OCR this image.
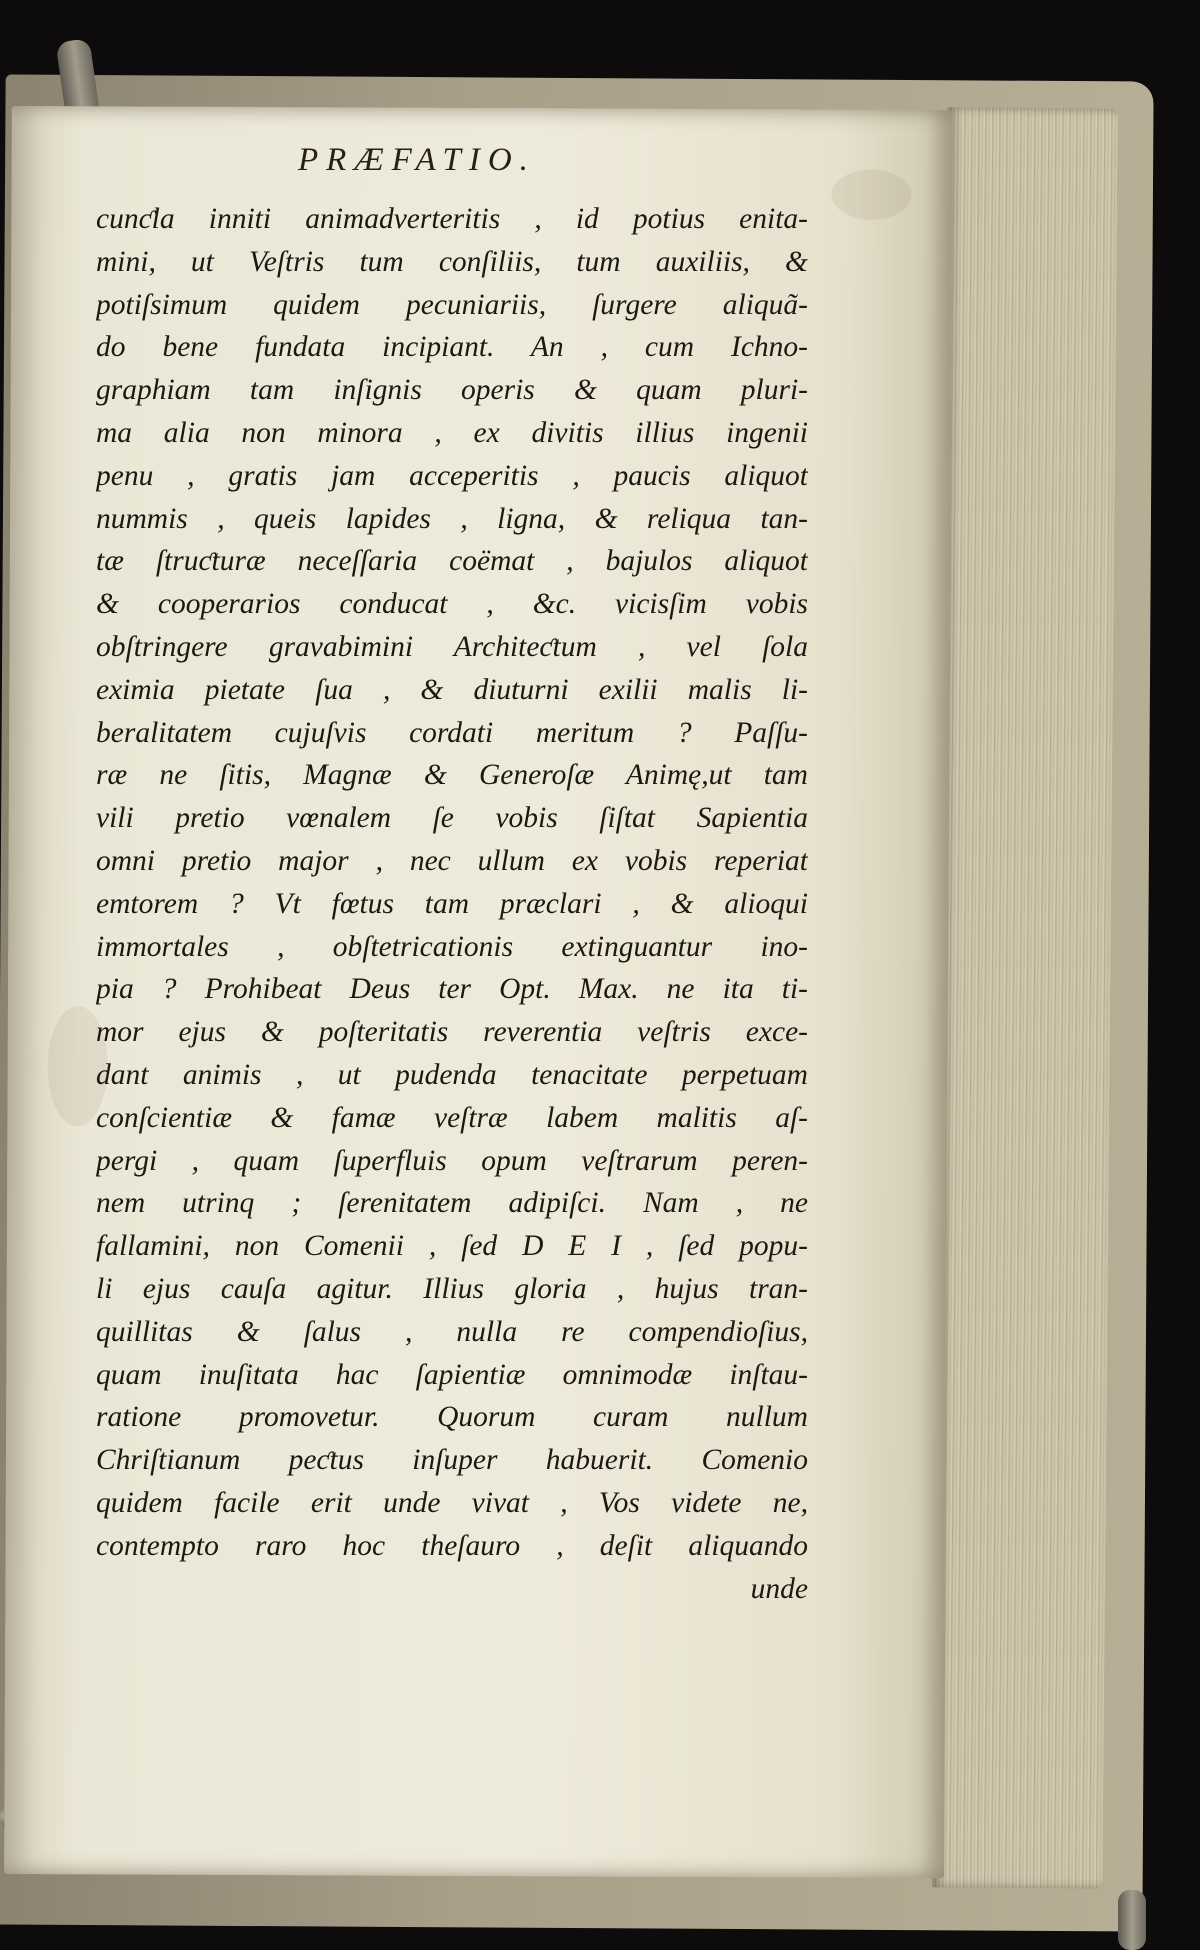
PRÆFATIO.
cunƈla inniti animadverteritis , id potius enita-
mini, ut Veſtris tum conſiliis, tum auxiliis, &
potiſsimum quidem pecuniariis, ſurgere aliquã-
do bene fundata incipiant. An , cum Ichno-
graphiam tam inſignis operis & quam pluri-
ma alia non minora , ex divitis illius ingenii
penu , gratis jam acceperitis , paucis aliquot
nummis , queis lapides , ligna, & reliqua tan-
tæ ſtruƈturæ neceſſaria coëmat , bajulos aliquot
& cooperarios conducat , &c. vicisſim vobis
obſtringere gravabimini Architeƈtum , vel ſola
eximia pietate ſua , & diuturni exilii malis li-
beralitatem cujuſvis cordati meritum ? Paſſu-
ræ ne ſitis, Magnæ & Generoſæ Animę,ut tam
vili pretio vœnalem ſe vobis ſiſtat Sapientia
omni pretio major , nec ullum ex vobis reperiat
emtorem ? Vt fœtus tam præclari , & alioqui
immortales , obſtetricationis extinguantur ino-
pia ? Prohibeat Deus ter Opt. Max. ne ita ti-
mor ejus & poſteritatis reverentia veſtris exce-
dant animis , ut pudenda tenacitate perpetuam
conſcientiæ & famæ veſtræ labem malitis aſ-
pergi , quam ſuperfluis opum veſtrarum peren-
nem utrinq ; ſerenitatem adipiſci. Nam , ne
fallamini, non Comenii , ſed D E I , ſed popu-
li ejus cauſa agitur. Illius gloria , hujus tran-
quillitas & ſalus , nulla re compendioſius,
quam inuſitata hac ſapientiæ omnimodæ inſtau-
ratione promovetur. Quorum curam nullum
Chriſtianum peƈtus inſuper habuerit. Comenio
quidem facile erit unde vivat , Vos videte ne,
contempto raro hoc theſauro , deſit aliquando
unde
